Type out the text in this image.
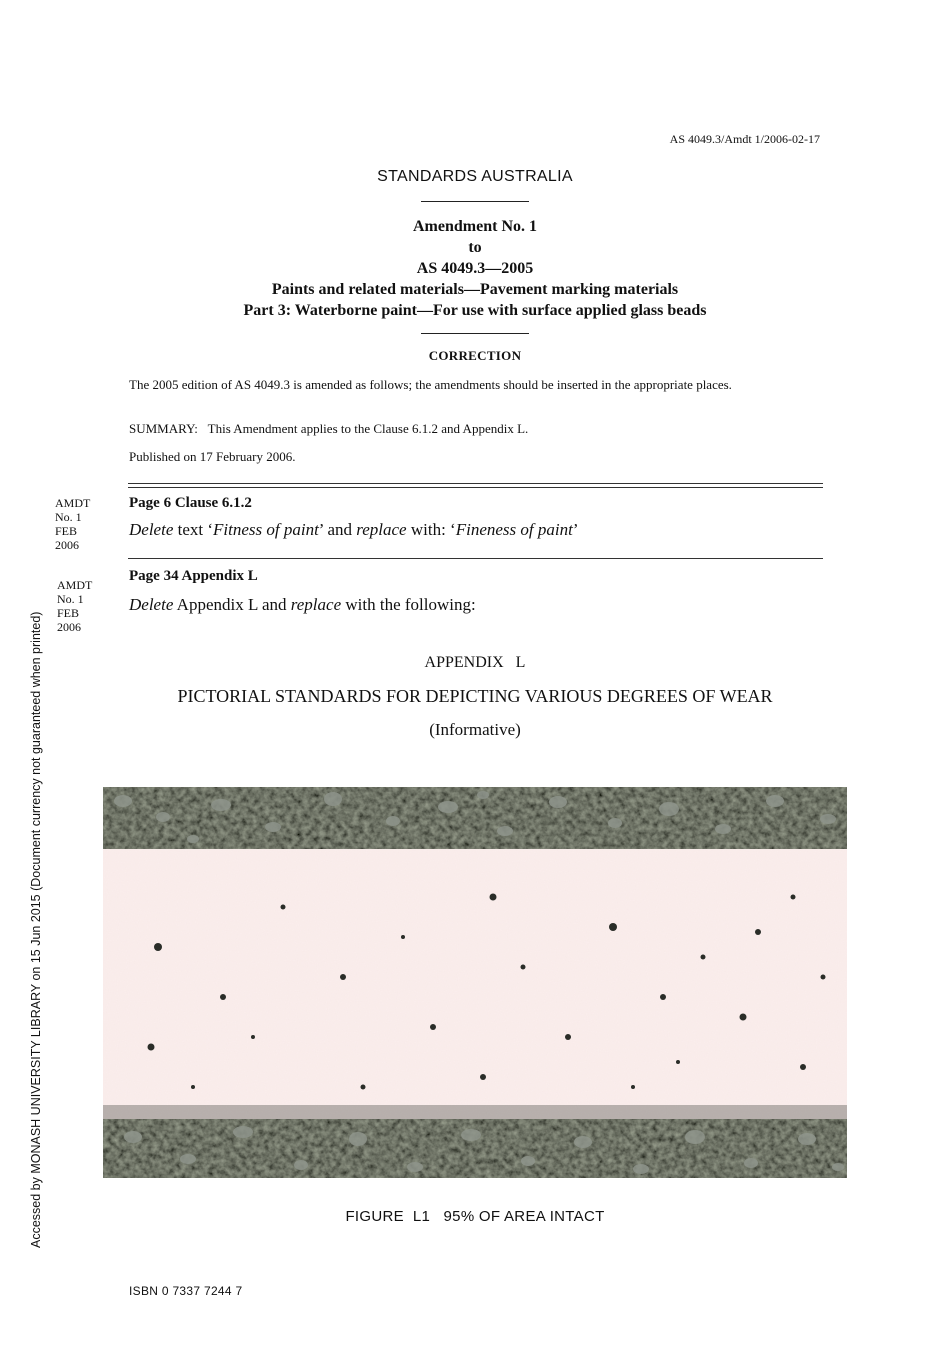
AS 4049.3/Amdt 1/2006-02-17
STANDARDS AUSTRALIA
Amendment No. 1
to
AS 4049.3—2005
Paints and related materials—Pavement marking materials
Part 3: Waterborne paint—For use with surface applied glass beads
CORRECTION
The 2005 edition of AS 4049.3 is amended as follows; the amendments should be inserted in the appropriate places.
SUMMARY: This Amendment applies to the Clause 6.1.2 and Appendix L.
Published on 17 February 2006.
AMDT
No. 1
FEB
2006
Page 6 Clause 6.1.2
Delete text ‘Fitness of paint’ and replace with: ‘Fineness of paint’
AMDT
No. 1
FEB
2006
Page 34 Appendix L
Delete Appendix L and replace with the following:
APPENDIX   L
PICTORIAL STANDARDS FOR DEPICTING VARIOUS DEGREES OF WEAR
(Informative)
FIGURE  L1   95% OF AREA INTACT
Accessed by MONASH UNIVERSITY LIBRARY on 15 Jun 2015 (Document currency not guaranteed when printed)
ISBN 0 7337 7244 7
